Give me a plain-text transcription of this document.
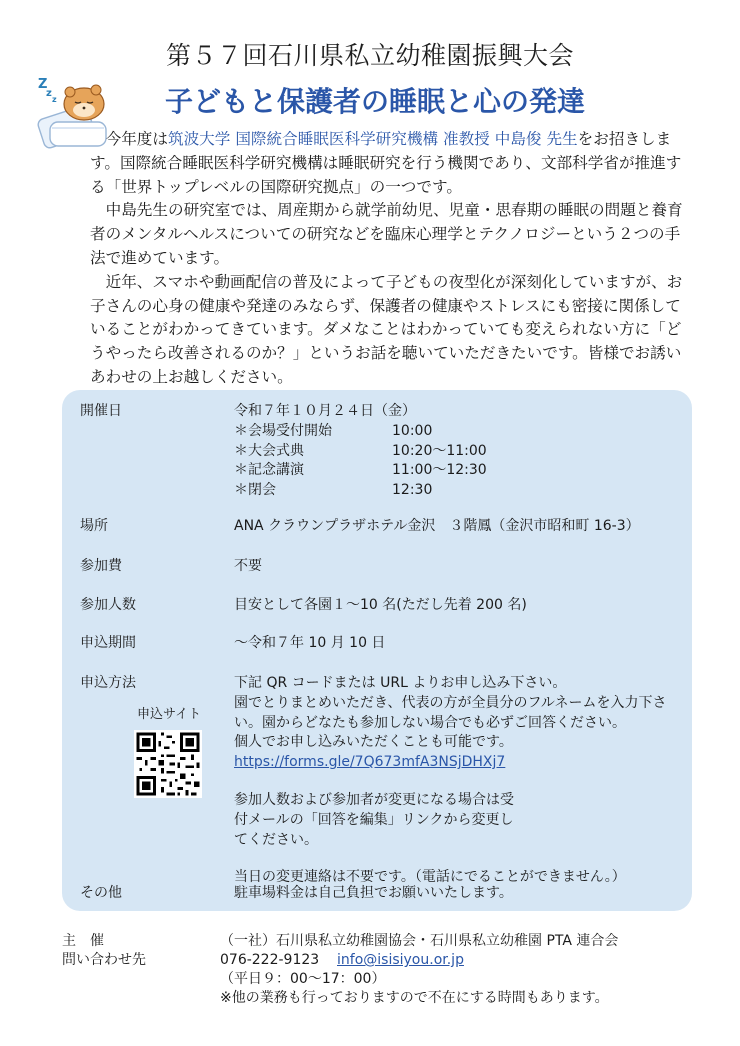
第５７回石川県私立幼稚園振興大会
Z
z
z	子どもと保護者の睡眠と心の発達

今年度は筑波大学 国際統合睡眠医科学研究機構 准教授 中島俊 先生をお招きします。国際統合睡眠医科学研究機構は睡眠研究を行う機関であり、文部科学省が推進する「世界トップレベルの国際研究拠点」の一つです。

中島先生の研究室では、周産期から就学前幼児、児童・思春期の睡眠の問題と養育者のメンタルヘルスについての研究などを臨床心理学とテクノロジーという２つの手法で進めています。

近年、スマホや動画配信の普及によって子どもの夜型化が深刻化していますが、お子さんの心身の健康や発達のみならず、保護者の健康やストレスにも密接に関係していることがわかってきています。ダメなことはわかっていても変えられない方に「どうやったら改善されるのか？」というお話を聴いていただきたいです。皆様でお誘いあわせの上お越しください。

開催日	令和７年１０月２４日（金）
＊会場受付開始	10:00
＊大会式典	10:20～11:00
＊記念講演	11:00～12:30
＊閉会	12:30
場所	ANA クラウンプラザホテル金沢　３階鳳（金沢市昭和町 16-3）
参加費	不要
参加人数	目安として各園１～10 名(ただし先着 200 名)
申込期間	～令和７年 10 月 10 日
申込方法	下記 QR コードまたは URL よりお申し込み下さい。
園でとりまとめいただき、代表の方が全員分のフルネームを入力下さい。園からどなたも参加しない場合でも必ずご回答ください。
個人でお申し込みいただくことも可能です。
https://forms.gle/7Q673mfA3NSjDHXj7
参加人数および参加者が変更になる場合は受付メールの「回答を編集」リンクから変更してください。
当日の変更連絡は不要です。（電話にでることができません。）
申込サイト
その他	駐車場料金は自己負担でお願いいたします。
主　催	（一社）石川県私立幼稚園協会・石川県私立幼稚園 PTA 連合会
問い合わせ先	076-222-9123 info@isisiyou.or.jp
（平日９：00～17：00）
※他の業務も行っておりますので不在にする時間もあります。
